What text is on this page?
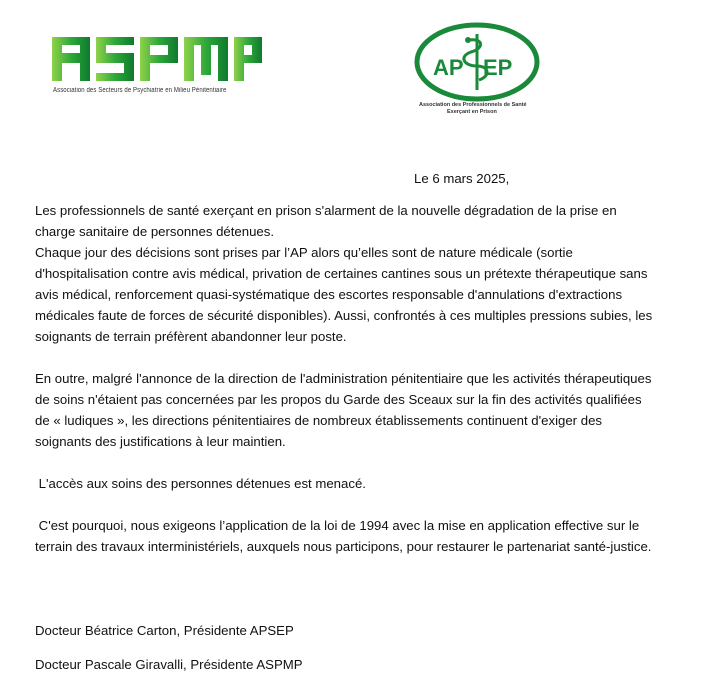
Association des Secteurs de Psychiatrie en Milieu Pénitentiaire
AP EP
Association des Professionnels de Santé
Exerçant en Prison
Le 6 mars 2025,

Les professionnels de santé exerçant en prison s'alarment de la nouvelle dégradation de la prise en charge sanitaire de personnes détenues.

Chaque jour des décisions sont prises par l’AP alors qu’elles sont de nature médicale (sortie d'hospitalisation contre avis médical, privation de certaines cantines sous un prétexte thérapeutique sans avis médical, renforcement quasi-systématique des escortes responsable d'annulations d'extractions médicales faute de forces de sécurité disponibles). Aussi, confrontés à ces multiples pressions subies, les soignants de terrain préfèrent abandonner leur poste.

En outre, malgré l'annonce de la direction de l'administration pénitentiaire que les activités thérapeutiques de soins n'étaient pas concernées par les propos du Garde des Sceaux sur la fin des activités qualifiées de « ludiques », les directions pénitentiaires de nombreux établissements continuent d'exiger des soignants des justifications à leur maintien.

L'accès aux soins des personnes détenues est menacé.

C'est pourquoi, nous exigeons l’application de la loi de 1994 avec la mise en application effective sur le terrain des travaux interministériels, auxquels nous participons, pour restaurer le partenariat santé-justice.

Docteur Béatrice Carton, Présidente APSEP
Docteur Pascale Giravalli, Présidente ASPMP
